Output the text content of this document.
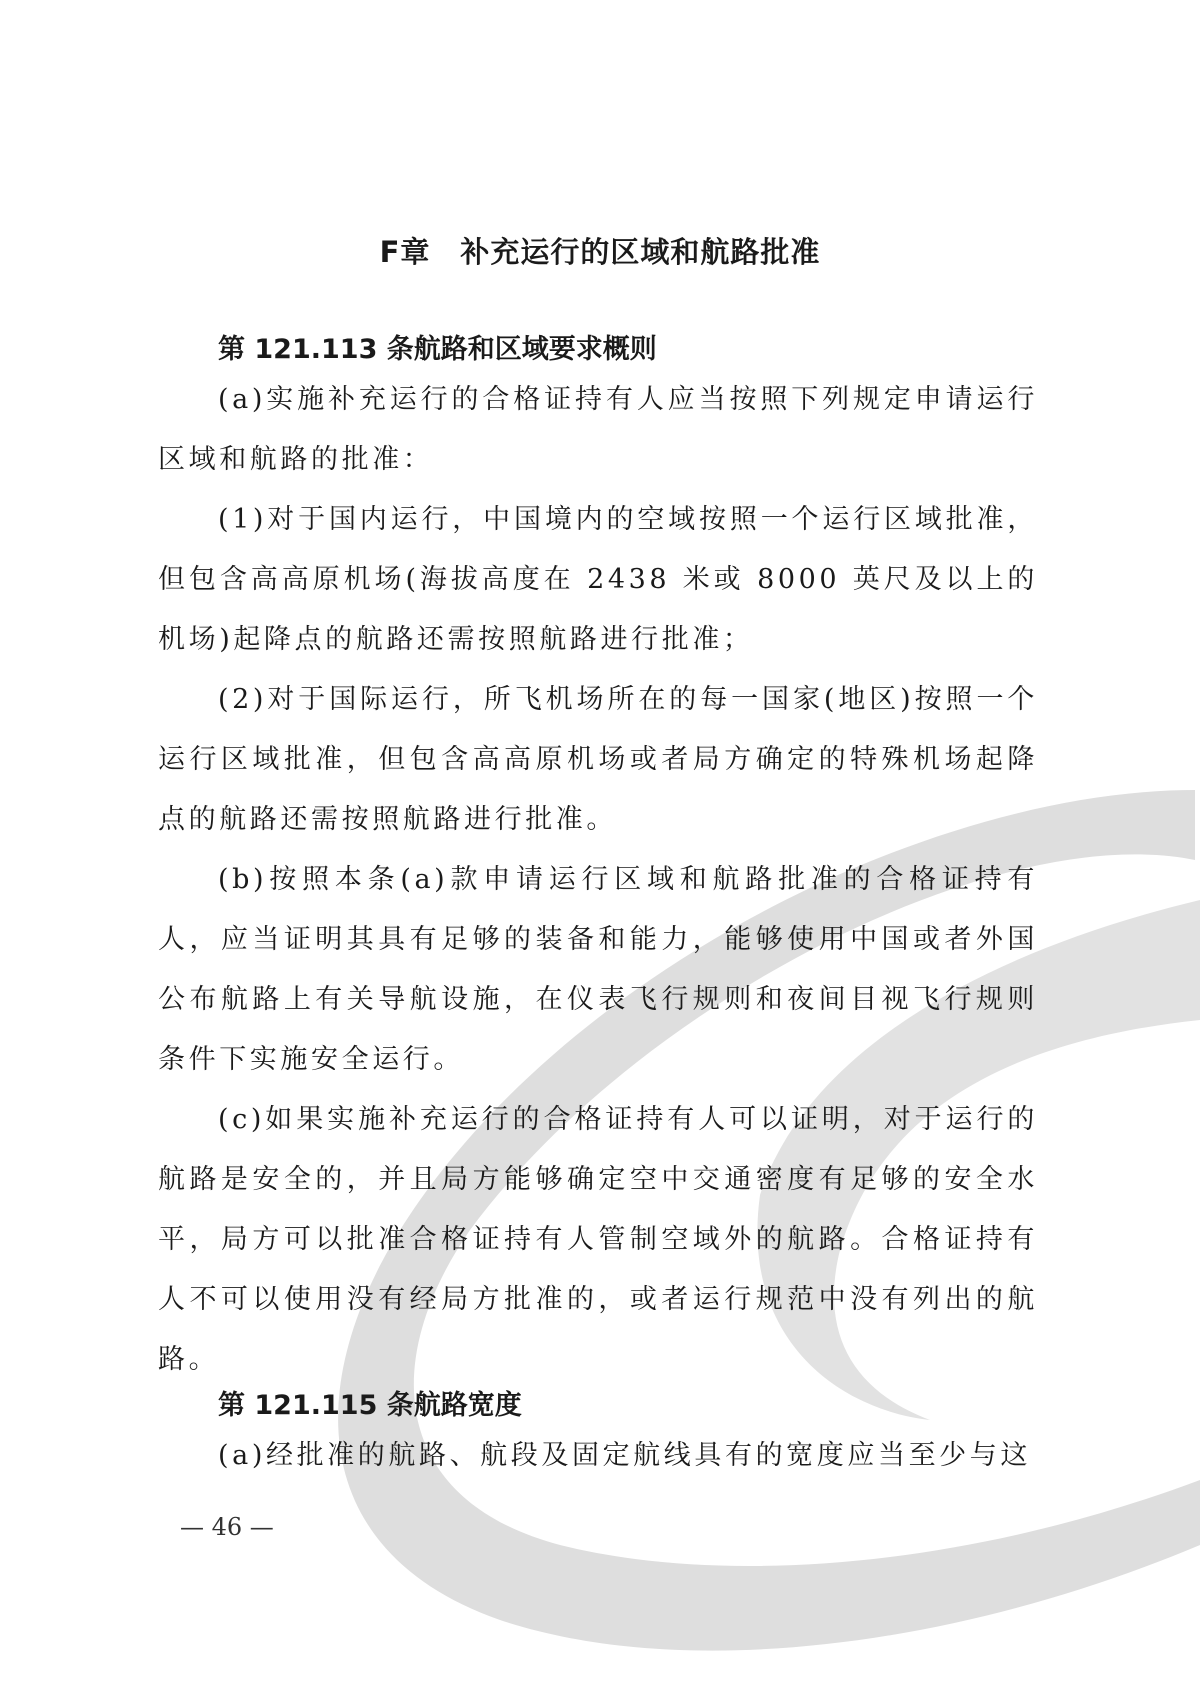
F章　补充运行的区域和航路批准
第 121.113 条航路和区域要求概则

(a)实施补充运行的合格证持有人应当按照下列规定申请运行区域和航路的批准：

(1)对于国内运行，中国境内的空域按照一个运行区域批准，但包含高高原机场(海拔高度在 2438 米或 8000 英尺及以上的机场)起降点的航路还需按照航路进行批准；

(2)对于国际运行，所飞机场所在的每一国家(地区)按照一个运行区域批准，但包含高高原机场或者局方确定的特殊机场起降点的航路还需按照航路进行批准。

(b)按照本条(a)款申请运行区域和航路批准的合格证持有人，应当证明其具有足够的装备和能力，能够使用中国或者外国公布航路上有关导航设施，在仪表飞行规则和夜间目视飞行规则条件下实施安全运行。

(c)如果实施补充运行的合格证持有人可以证明，对于运行的航路是安全的，并且局方能够确定空中交通密度有足够的安全水平，局方可以批准合格证持有人管制空域外的航路。合格证持有人不可以使用没有经局方批准的，或者运行规范中没有列出的航路。

第 121.115 条航路宽度

(a)经批准的航路、航段及固定航线具有的宽度应当至少与这

— 46 —
